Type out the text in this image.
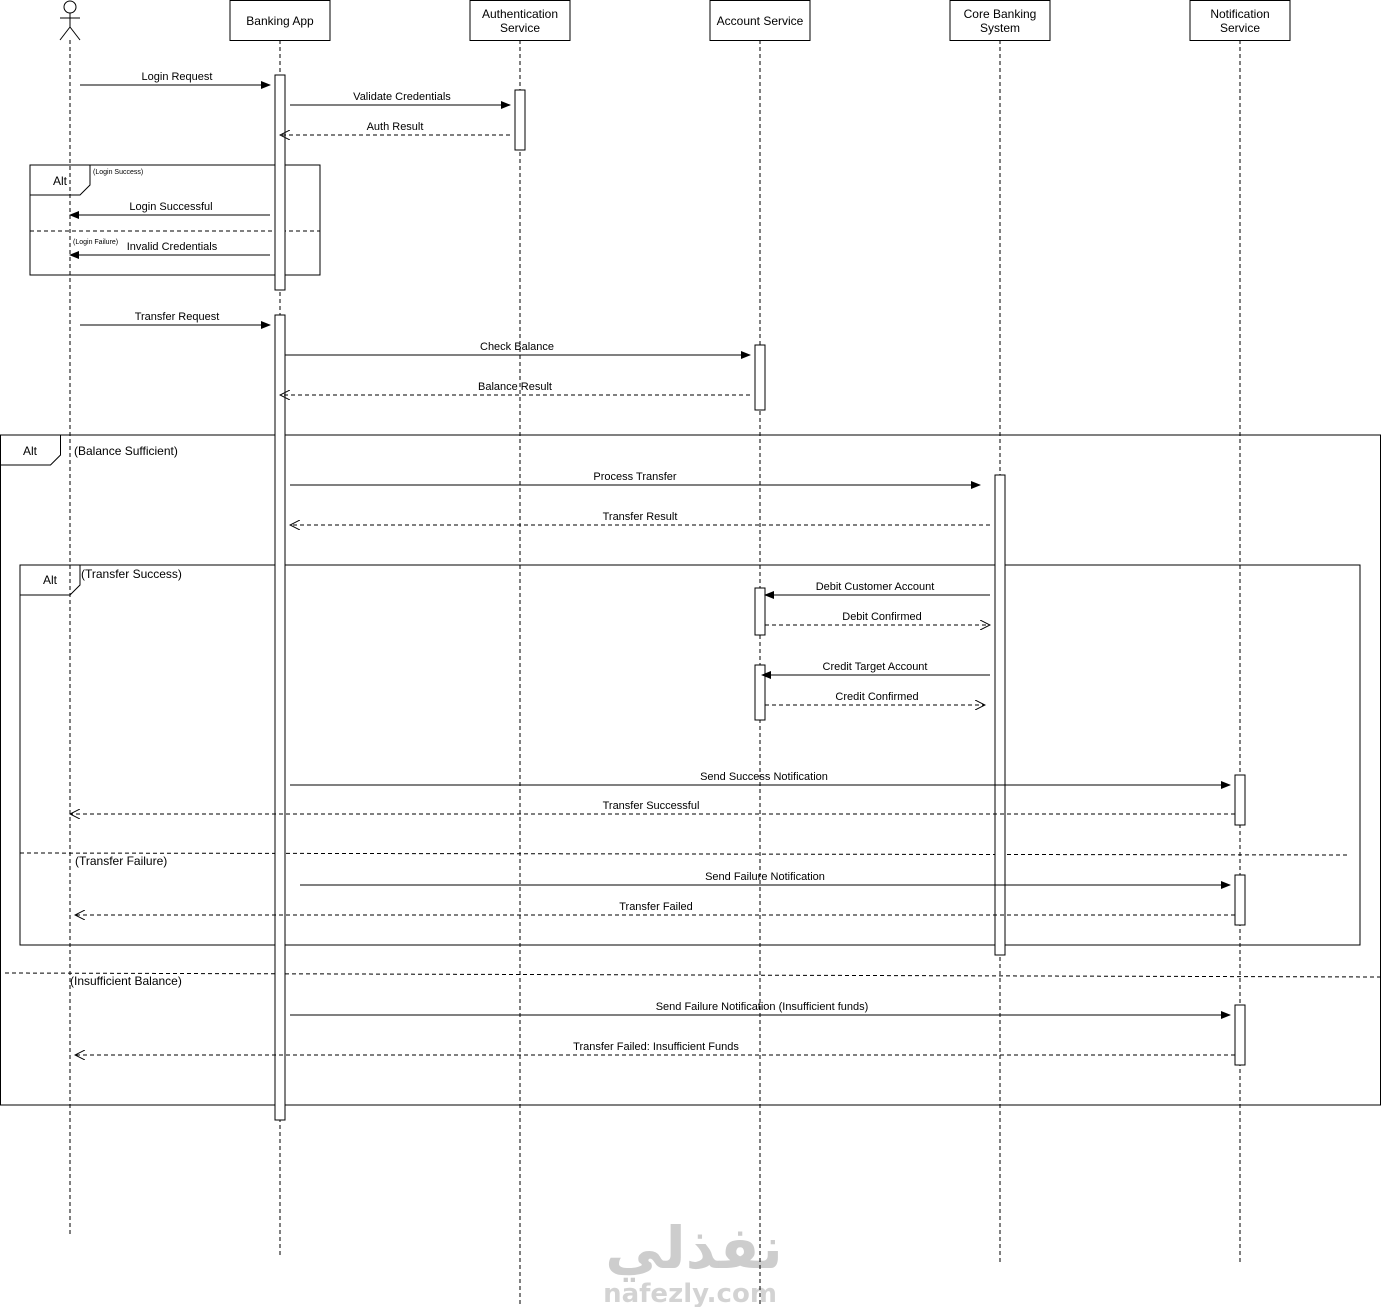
نفذلي
nafezly.com
Alt
(Login Success)
(Login Failure)
Alt	(Balance Sufficient)
(Insufficient Balance)
Alt (Transfer Success)
(Transfer Failure)
Login Request
Validate Credentials
Auth Result
Login Successful
Invalid Credentials
Transfer Request
Check Balance
Balance Result
Process Transfer
Transfer Result
Debit Customer Account
Debit Confirmed
Credit Target Account
Credit Confirmed
Send Success Notification
Transfer Successful
Send Failure Notification
Transfer Failed
Send Failure Notification (Insufficient funds)
Transfer Failed: Insufficient Funds
Banking App	Authentication Service	Account Service	Core Banking System
Notification Service
